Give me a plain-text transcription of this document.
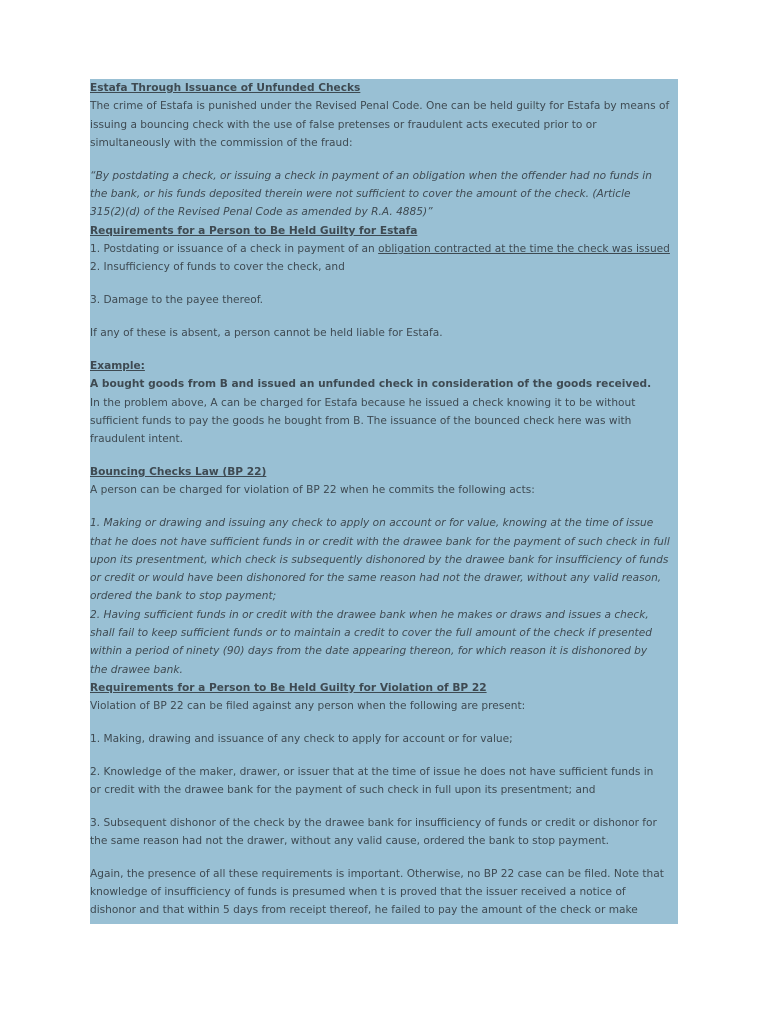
Estafa Through Issuance of Unfunded Checks

The crime of Estafa is punished under the Revised Penal Code. One can be held guilty for Estafa by means of

issuing a bouncing check with the use of false pretenses or fraudulent acts executed prior to or

simultaneously with the commission of the fraud:

“By postdating a check, or issuing a check in payment of an obligation when the offender had no funds in

the bank, or his funds deposited therein were not sufficient to cover the amount of the check. (Article

315(2)(d) of the Revised Penal Code as amended by R.A. 4885)”

Requirements for a Person to Be Held Guilty for Estafa

1. Postdating or issuance of a check in payment of an obligation contracted at the time the check was issued

2. Insufficiency of funds to cover the check, and

3. Damage to the payee thereof.

If any of these is absent, a person cannot be held liable for Estafa.

Example:

A bought goods from B and issued an unfunded check in consideration of the goods received.

In the problem above, A can be charged for Estafa because he issued a check knowing it to be without

sufficient funds to pay the goods he bought from B. The issuance of the bounced check here was with

fraudulent intent.

Bouncing Checks Law (BP 22)

A person can be charged for violation of BP 22 when he commits the following acts:

1. Making or drawing and issuing any check to apply on account or for value, knowing at the time of issue

that he does not have sufficient funds in or credit with the drawee bank for the payment of such check in full

upon its presentment, which check is subsequently dishonored by the drawee bank for insufficiency of funds

or credit or would have been dishonored for the same reason had not the drawer, without any valid reason,

ordered the bank to stop payment;

2. Having sufficient funds in or credit with the drawee bank when he makes or draws and issues a check,

shall fail to keep sufficient funds or to maintain a credit to cover the full amount of the check if presented

within a period of ninety (90) days from the date appearing thereon, for which reason it is dishonored by

the drawee bank.

Requirements for a Person to Be Held Guilty for Violation of BP 22

Violation of BP 22 can be filed against any person when the following are present:

1. Making, drawing and issuance of any check to apply for account or for value;

2. Knowledge of the maker, drawer, or issuer that at the time of issue he does not have sufficient funds in

or credit with the drawee bank for the payment of such check in full upon its presentment; and

3. Subsequent dishonor of the check by the drawee bank for insufficiency of funds or credit or dishonor for

the same reason had not the drawer, without any valid cause, ordered the bank to stop payment.

Again, the presence of all these requirements is important. Otherwise, no BP 22 case can be filed. Note that

knowledge of insufficiency of funds is presumed when t is proved that the issuer received a notice of

dishonor and that within 5 days from receipt thereof, he failed to pay the amount of the check or make
